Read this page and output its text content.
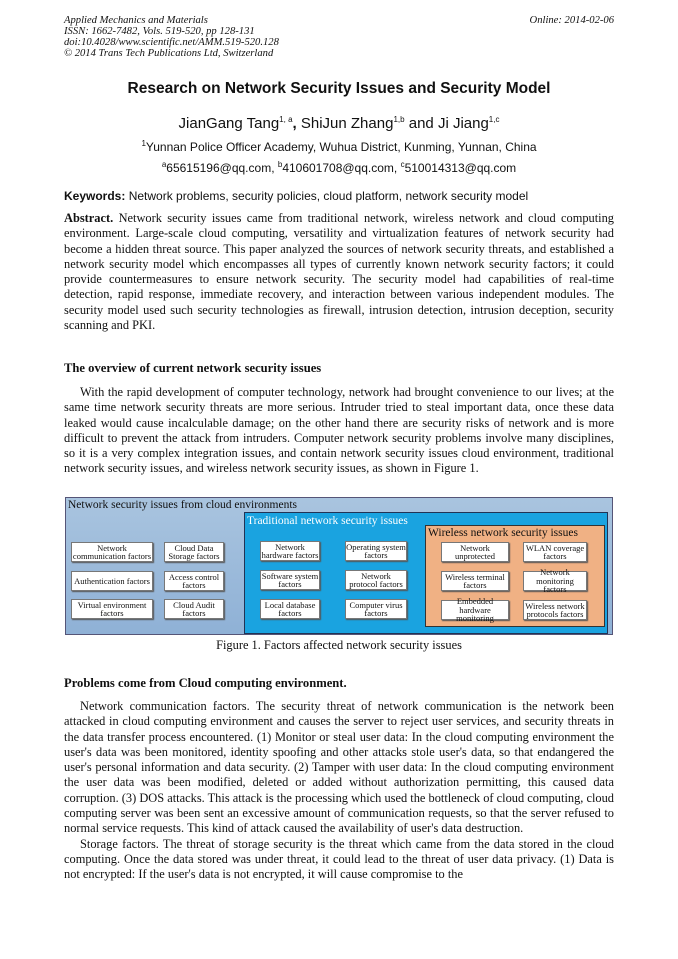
Applied Mechanics and Materials
ISSN: 1662-7482, Vols. 519-520, pp 128-131
doi:10.4028/www.scientific.net/AMM.519-520.128
© 2014 Trans Tech Publications Ltd, Switzerland
Online: 2014-02-06
Research on Network Security Issues and Security Model
JianGang Tang$^{1, a}$, ShiJun Zhang$^{1,b}$ and Ji Jiang$^{1,c}$
$^1$Yunnan Police Officer Academy, Wuhua District, Kunming, Yunnan, China
$^a$65615196@qq.com, $^b$410601708@qq.com, $^c$510014313@qq.com
Keywords: Network problems, security policies, cloud platform, network security model
Abstract. Network security issues came from traditional network, wireless network and cloud computing environment. Large-scale cloud computing, versatility and virtualization features of network security had become a hidden threat source. This paper analyzed the sources of network security threats, and established a network security model which encompasses all types of currently known network security factors; it could provide countermeasures to ensure network security. The security model had capabilities of real-time detection, rapid response, immediate recovery, and interaction between various independent modules. The security model used such security technologies as firewall, intrusion detection, intrusion deception, security scanning and PKI.
The overview of current network security issues

With the rapid development of computer technology, network had brought convenience to our lives; at the same time network security threats are more serious. Intruder tried to steal important data, once these data leaked would cause incalculable damage; on the other hand there are security risks of network and is more difficult to prevent the attack from intruders. Computer network security problems involve many disciplines, so it is a very complex integration issues, and contain network security issues cloud environment, traditional network security issues, and wireless network security issues, as shown in Figure 1.

Network security issues from cloud environments
Network communication factors
Cloud Data Storage factors
Authentication factors	Access control factors
Virtual environment factors
Cloud Audit factors
Traditional network security issues
Network hardware factors
Operating system factors
Software system factors
Network protocol factors
Local database factors
Computer virus factors
Wireless network security issues
Network unprotected
WLAN coverage factors
Wireless terminal factors
Network monitoring factors
Embedded hardware monitoring
Wireless network protocols factors
Figure 1. Factors affected network security issues
Problems come from Cloud computing environment.

Network communication factors. The security threat of network communication is the network been attacked in cloud computing environment and causes the server to reject user services, and security threats in the data transfer process encountered. (1) Monitor or steal user data: In the cloud computing environment the user's data was been monitored, identity spoofing and other attacks stole user's data, so that endangered the user's personal information and data security. (2) Tamper with user data: In the cloud computing environment the user data was been modified, deleted or added without authorization permitting, this caused data corruption. (3) DOS attacks. This attack is the processing which used the bottleneck of cloud computing, cloud computing server was been sent an excessive amount of communication requests, so that the server refused to normal service requests. This kind of attack caused the availability of user's data destruction.

Storage factors. The threat of storage security is the threat which came from the data stored in the cloud computing. Once the data stored was under threat, it could lead to the threat of user data privacy. (1) Data is not encrypted: If the user's data is not encrypted, it will cause compromise to the
